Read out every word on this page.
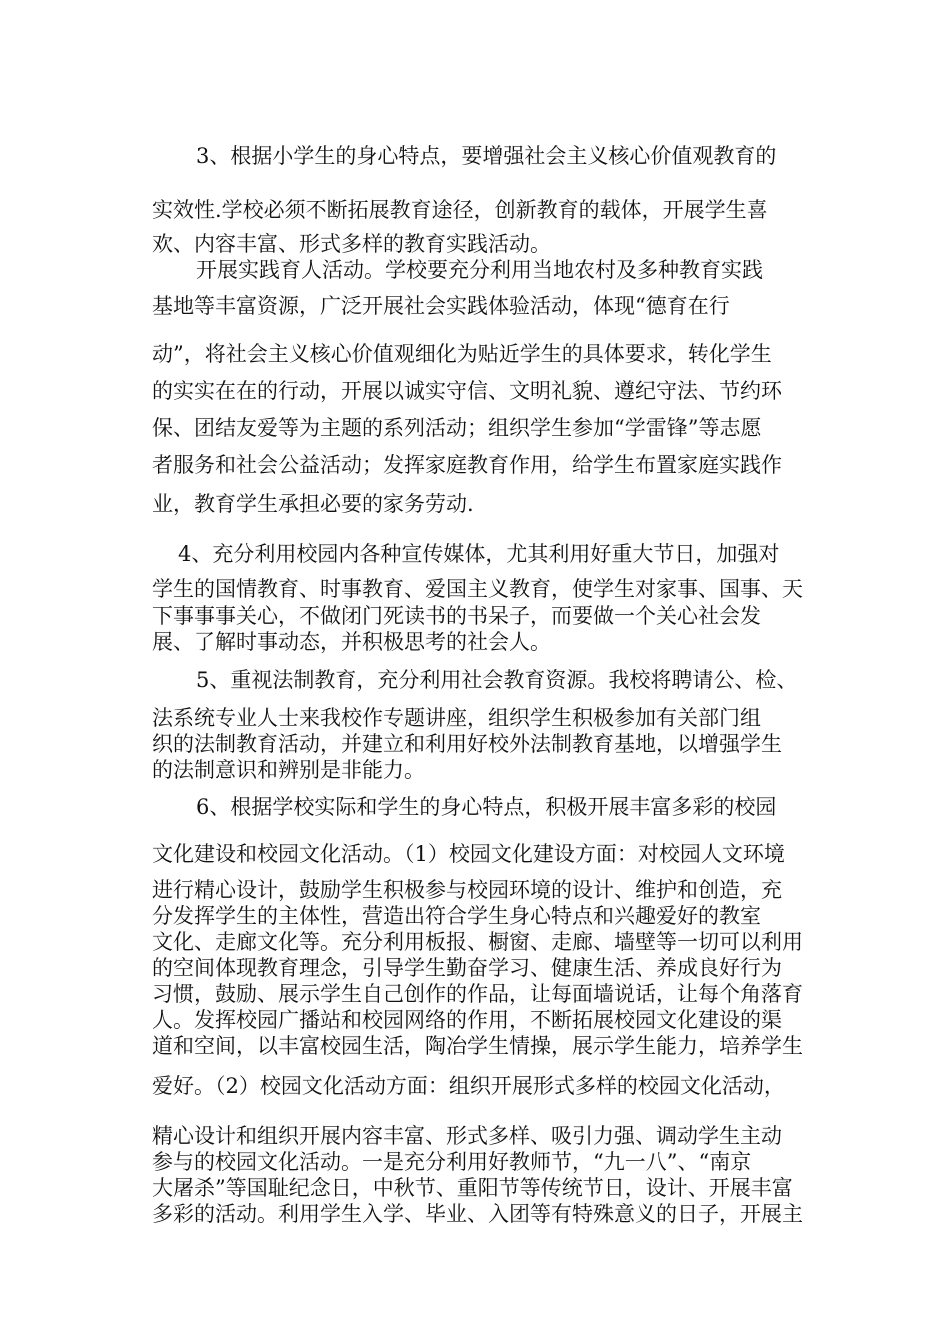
3、根据小学生的身心特点，要增强社会主义核心价值观教育的
实效性.学校必须不断拓展教育途径，创新教育的载体，开展学生喜
欢、内容丰富、形式多样的教育实践活动。
开展实践育人活动。学校要充分利用当地农村及多种教育实践
基地等丰富资源，广泛开展社会实践体验活动，体现“德育在行
动”，将社会主义核心价值观细化为贴近学生的具体要求，转化学生
的实实在在的行动，开展以诚实守信、文明礼貌、遵纪守法、节约环
保、团结友爱等为主题的系列活动；组织学生参加“学雷锋”等志愿
者服务和社会公益活动；发挥家庭教育作用，给学生布置家庭实践作
业，教育学生承担必要的家务劳动.
4、充分利用校园内各种宣传媒体，尤其利用好重大节日，加强对
学生的国情教育、时事教育、爱国主义教育，使学生对家事、国事、天
下事事事关心，不做闭门死读书的书呆子，而要做一个关心社会发
展、了解时事动态，并积极思考的社会人。
5、重视法制教育，充分利用社会教育资源。我校将聘请公、检、
法系统专业人士来我校作专题讲座，组织学生积极参加有关部门组
织的法制教育活动，并建立和利用好校外法制教育基地，以增强学生
的法制意识和辨别是非能力。
6、根据学校实际和学生的身心特点，积极开展丰富多彩的校园
文化建设和校园文化活动。（1）校园文化建设方面：对校园人文环境
进行精心设计，鼓励学生积极参与校园环境的设计、维护和创造，充
分发挥学生的主体性，营造出符合学生身心特点和兴趣爱好的教室
文化、走廊文化等。充分利用板报、橱窗、走廊、墙壁等一切可以利用
的空间体现教育理念，引导学生勤奋学习、健康生活、养成良好行为
习惯，鼓励、展示学生自己创作的作品，让每面墙说话，让每个角落育
人。发挥校园广播站和校园网络的作用，不断拓展校园文化建设的渠
道和空间，以丰富校园生活，陶冶学生情操，展示学生能力，培养学生
爱好。（2）校园文化活动方面：组织开展形式多样的校园文化活动，
精心设计和组织开展内容丰富、形式多样、吸引力强、调动学生主动
参与的校园文化活动。一是充分利用好教师节，“九一八”、“南京
大屠杀”等国耻纪念日，中秋节、重阳节等传统节日，设计、开展丰富
多彩的活动。利用学生入学、毕业、入团等有特殊意义的日子，开展主
